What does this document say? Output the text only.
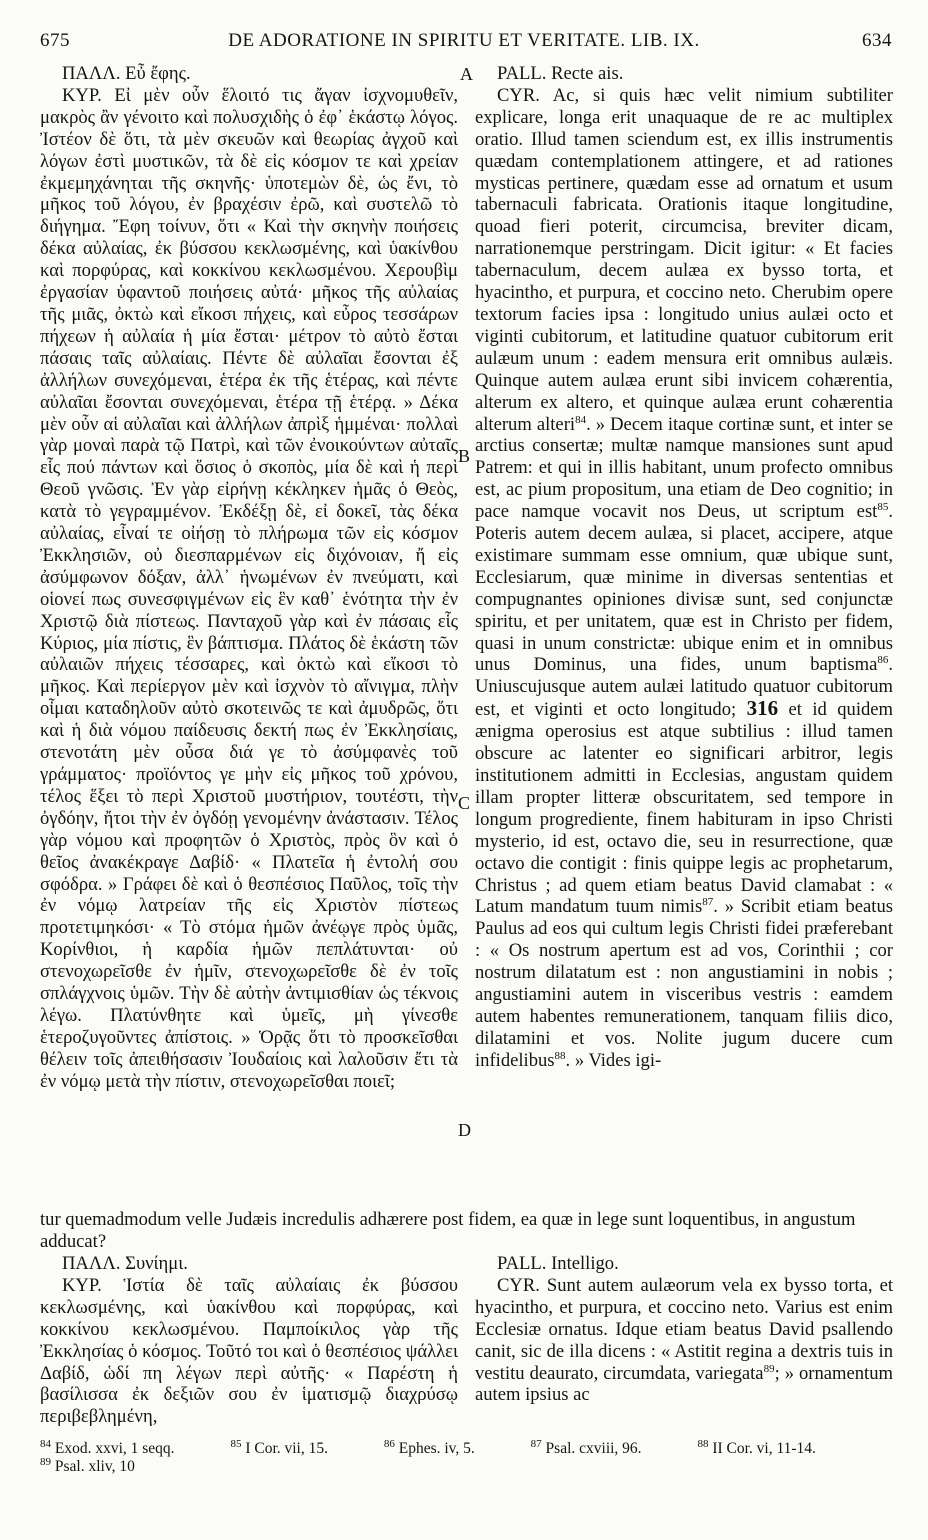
675	DE ADORATIONE IN SPIRITU ET VERITATE. LIB. IX.	634
A
B
C
D

ΠΑΛΛ. Εὖ ἔφης.

ΚΥΡ. Εἰ μὲν οὖν ἕλοιτό τις ἄγαν ἰσχνομυθεῖν, μακρὸς ἂν γένοιτο καὶ πολυσχιδὴς ὁ ἐφ᾽ ἑκάστῳ λόγος. Ἰστέον δὲ ὅτι, τὰ μὲν σκευῶν καὶ θεωρίας ἀγχοῦ καὶ λόγων ἐστὶ μυστικῶν, τὰ δὲ εἰς κόσμον τε καὶ χρείαν ἐκμεμηχάνηται τῆς σκηνῆς· ὑποτεμὼν δὲ, ὡς ἔνι, τὸ μῆκος τοῦ λόγου, ἐν βραχέσιν ἐρῶ, καὶ συστελῶ τὸ διήγημα. Ἔφη τοίνυν, ὅτι « Καὶ τὴν σκηνὴν ποιήσεις δέκα αὐλαίας, ἐκ βύσσου κεκλωσμένης, καὶ ὑακίνθου καὶ πορφύρας, καὶ κοκκίνου κεκλωσμένου. Χερουβὶμ ἐργασίαν ὑφαντοῦ ποιήσεις αὐτά· μῆκος τῆς αὐλαίας τῆς μιᾶς, ὀκτὼ καὶ εἴκοσι πήχεις, καὶ εὖρος τεσσάρων πήχεων ἡ αὐλαία ἡ μία ἔσται· μέτρον τὸ αὐτὸ ἔσται πάσαις ταῖς αὐλαίαις. Πέντε δὲ αὐλαῖαι ἔσονται ἐξ ἀλλήλων συνεχόμεναι, ἑτέρα ἐκ τῆς ἑτέρας, καὶ πέντε αὐλαῖαι ἔσονται συνεχόμεναι, ἑτέρα τῇ ἑτέρᾳ. » Δέκα μὲν οὖν αἱ αὐλαῖαι καὶ ἀλλήλων ἀπρὶξ ἡμμέναι· πολλαὶ γὰρ μοναὶ παρὰ τῷ Πατρὶ, καὶ τῶν ἐνοικούντων αὐταῖς εἷς πού πάντων καὶ ὅσιος ὁ σκοπὸς, μία δὲ καὶ ἡ περὶ Θεοῦ γνῶσις. Ἐν γὰρ εἰρήνῃ κέκληκεν ἡμᾶς ὁ Θεὸς, κατὰ τὸ γεγραμμένον. Ἐκδέξῃ δὲ, εἰ δοκεῖ, τὰς δέκα αὐλαίας, εἶναί τε οἰήσῃ τὸ πλήρωμα τῶν εἰς κόσμον Ἐκκλησιῶν, οὐ διεσπαρμένων εἰς διχόνοιαν, ἤ εἰς ἀσύμφωνον δόξαν, ἀλλ᾽ ἡνωμένων ἐν πνεύματι, καὶ οἱονεί πως συνεσφιγμένων εἰς ἓν καθ᾽ ἑνότητα τὴν ἐν Χριστῷ διὰ πίστεως. Πανταχοῦ γὰρ καὶ ἐν πάσαις εἷς Κύριος, μία πίστις, ἓν βάπτισμα. Πλάτος δὲ ἑκάστη τῶν αὐλαιῶν πήχεις τέσσαρες, καὶ ὀκτὼ καὶ εἴκοσι τὸ μῆκος. Καὶ περίεργον μὲν καὶ ἰσχνὸν τὸ αἴνιγμα, πλὴν οἶμαι καταδηλοῦν αὐτὸ σκοτεινῶς τε καὶ ἀμυδρῶς, ὅτι καὶ ἡ διὰ νόμου παίδευσις δεκτή πως ἐν Ἐκκλησίαις, στενοτάτη μὲν οὖσα διά γε τὸ ἀσύμφανὲς τοῦ γράμματος· προϊόντος γε μὴν εἰς μῆκος τοῦ χρόνου, τέλος ἕξει τὸ περὶ Χριστοῦ μυστήριον, τουτέστι, τὴν ὀγδόην, ἤτοι τὴν ἐν ὀγδόῃ γενομένην ἀνάστασιν. Τέλος γὰρ νόμου καὶ προφητῶν ὁ Χριστὸς, πρὸς ὃν καὶ ὁ θεῖος ἀνακέκραγε Δαβίδ· « Πλατεῖα ἡ ἐντολή σου σφόδρα. » Γράφει δὲ καὶ ὁ θεσπέσιος Παῦλος, τοῖς τὴν ἐν νόμῳ λατρείαν τῆς εἰς Χριστὸν πίστεως προτετιμηκόσι· « Τὸ στόμα ἡμῶν ἀνέῳγε πρὸς ὑμᾶς, Κορίνθιοι, ἡ καρδία ἡμῶν πεπλάτυνται· οὐ στενοχωρεῖσθε ἐν ἡμῖν, στενοχωρεῖσθε δὲ ἐν τοῖς σπλάγχνοις ὑμῶν. Τὴν δὲ αὐτὴν ἀντιμισθίαν ὡς τέκνοις λέγω. Πλατύνθητε καὶ ὑμεῖς, μὴ γίνεσθε ἑτεροζυγοῦντες ἀπίστοις. » Ὁρᾷς ὅτι τὸ προσκεῖσθαι θέλειν τοῖς ἀπειθήσασιν Ἰουδαίοις καὶ λαλοῦσιν ἔτι τὰ ἐν νόμῳ μετὰ τὴν πίστιν, στενοχωρεῖσθαι ποιεῖ;

PALL. Recte ais.

CYR. Ac, si quis hæc velit nimium subtiliter explicare, longa erit unaquaque de re ac multiplex oratio. Illud tamen sciendum est, ex illis instrumentis quædam contemplationem attingere, et ad rationes mysticas pertinere, quædam esse ad ornatum et usum tabernaculi fabricata. Orationis itaque longitudine, quoad fieri poterit, circumcisa, breviter dicam, narrationemque perstringam. Dicit igitur: « Et facies tabernaculum, decem aulæa ex bysso torta, et hyacintho, et purpura, et coccino neto. Cherubim opere textorum facies ipsa : longitudo unius aulæi octo et viginti cubitorum, et latitudine quatuor cubitorum erit aulæum unum : eadem mensura erit omnibus aulæis. Quinque autem aulæa erunt sibi invicem cohærentia, alterum ex altero, et quinque aulæa erunt cohærentia alterum alteri$^{84}$. » Decem itaque cortinæ sunt, et inter se arctius consertæ; multæ namque mansiones sunt apud Patrem: et qui in illis habitant, unum profecto omnibus est, ac pium propositum, una etiam de Deo cognitio; in pace namque vocavit nos Deus, ut scriptum est$^{85}$. Poteris autem decem aulæa, si placet, accipere, atque existimare summam esse omnium, quæ ubique sunt, Ecclesiarum, quæ minime in diversas sententias et compugnantes opiniones divisæ sunt, sed conjunctæ spiritu, et per unitatem, quæ est in Christo per fidem, quasi in unum constrictæ: ubique enim et in omnibus unus Dominus, una fides, unum baptisma$^{86}$. Uniuscujusque autem aulæi latitudo quatuor cubitorum est, et viginti et octo longitudo; 316 et id quidem ænigma operosius est atque subtilius : illud tamen obscure ac latenter eo significari arbitror, legis institutionem admitti in Ecclesias, angustam quidem illam propter litteræ obscuritatem, sed tempore in longum progrediente, finem habituram in ipso Christi mysterio, id est, octavo die, seu in resurrectione, quæ octavo die contigit : finis quippe legis ac prophetarum, Christus ; ad quem etiam beatus David clamabat : « Latum mandatum tuum nimis$^{87}$. » Scribit etiam beatus Paulus ad eos qui cultum legis Christi fidei præferebant : « Os nostrum apertum est ad vos, Corinthii ; cor nostrum dilatatum est : non angustiamini in nobis ; angustiamini autem in visceribus vestris : eamdem autem habentes remunerationem, tanquam filiis dico, dilatamini et vos. Nolite jugum ducere cum infidelibus$^{88}$. » Vides igi-

tur quemadmodum velle Judæis incredulis adhærere post fidem, ea quæ in lege sunt loquentibus, in angustum adducat?

ΠΑΛΛ. Συνίημι.

ΚΥΡ. Ἱστία δὲ ταῖς αὐλαίαις ἐκ βύσσου κεκλωσμένης, καὶ ὑακίνθου καὶ πορφύρας, καὶ κοκκίνου κεκλωσμένου. Παμποίκιλος γὰρ τῆς Ἐκκλησίας ὁ κόσμος. Τοῦτό τοι καὶ ὁ θεσπέσιος ψάλλει Δαβίδ, ὡδί πη λέγων περὶ αὐτῆς· « Παρέστη ἡ βασίλισσα ἐκ δεξιῶν σου ἐν ἱματισμῷ διαχρύσῳ περιβεβλημένη,

PALL. Intelligo.

CYR. Sunt autem aulæorum vela ex bysso torta, et hyacintho, et purpura, et coccino neto. Varius est enim Ecclesiæ ornatus. Idque etiam beatus David psallendo canit, sic de illa dicens : « Astitit regina a dextris tuis in vestitu deaurato, circumdata, variegata$^{89}$; » ornamentum autem ipsius ac

$^{84}$ Exod. xxvi, 1 seqq.	$^{85}$ I Cor. vii, 15.	$^{86}$ Ephes. iv, 5.	$^{87}$ Psal. cxviii, 96.	$^{88}$ II Cor. vi, 11-14.
$^{89}$ Psal. xliv, 10
